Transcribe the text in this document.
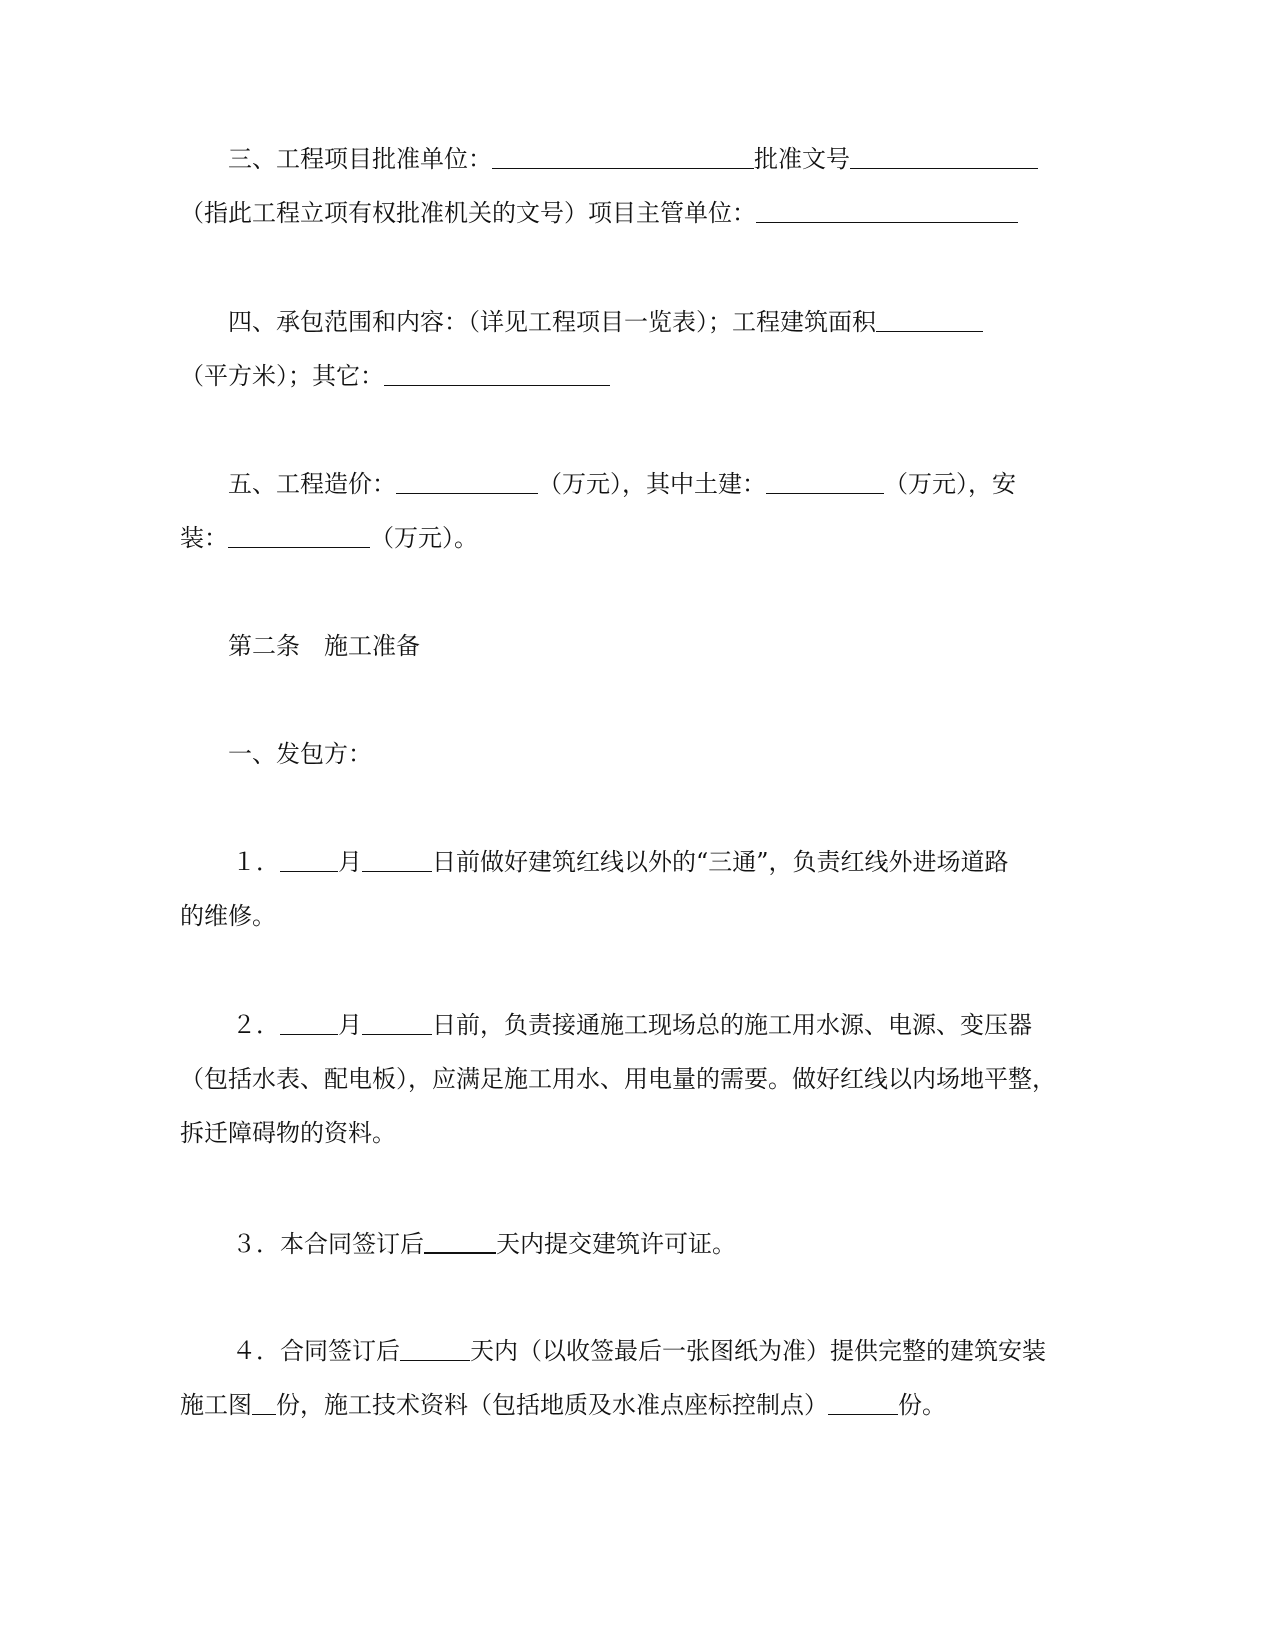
三、工程项目批准单位：	批准文号
（指此工程立项有权批准机关的文号）项目主管单位：
四、承包范围和内容：（详见工程项目一览表）；工程建筑面积
（平方米）；其它：
五、工程造价：	（万元），其中土建：	（万元），安
装：	（万元）。
第二条　施工准备
一、发包方：
１． 月	日前做好建筑红线以外的“三通”，负责红线外进场道路
的维修。
２． 月	日前，负责接通施工现场总的施工用水源、电源、变压器
（包括水表、配电板），应满足施工用水、用电量的需要。做好红线以内场地平整，
拆迁障碍物的资料。
３．本合同签订后	天内提交建筑许可证。
４．合同签订后	天内（以收签最后一张图纸为准）提供完整的建筑安装
施工图 份，施工技术资料（包括地质及水准点座标控制点）	份。
